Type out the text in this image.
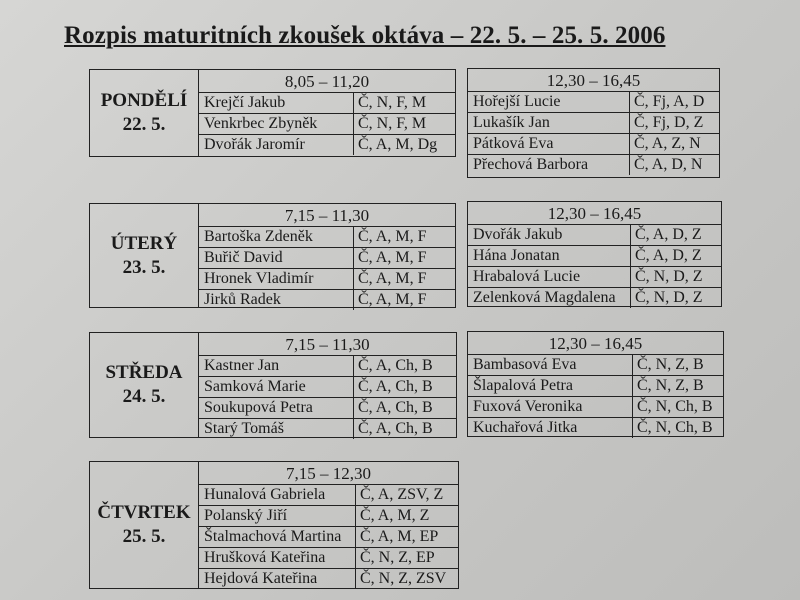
Rozpis maturitních zkoušek oktáva – 22. 5. – 25. 5. 2006
PONDĚLÍ
22. 5.
8,05 – 11,20
Krejčí Jakub	Č, N, F, M
Venkrbec Zbyněk	Č, N, F, M
Dvořák Jaromír	Č, A, M, Dg
12,30 – 16,45
Hořejší Lucie	Č, Fj, A, D
Lukašík Jan	Č, Fj, D, Z
Pátková Eva	Č, A, Z, N
Přechová Barbora	Č, A, D, N
ÚTERÝ
23. 5.
7,15 – 11,30
Bartoška Zdeněk	Č, A, M, F
Buřič David	Č, A, M, F
Hronek Vladimír	Č, A, M, F
Jirků Radek	Č, A, M, F
12,30 – 16,45
Dvořák Jakub	Č, A, D, Z
Hána Jonatan	Č, A, D, Z
Hrabalová Lucie	Č, N, D, Z
Zelenková Magdalena	Č, N, D, Z
STŘEDA
24. 5.
7,15 – 11,30
Kastner Jan	Č, A, Ch, B
Samková Marie	Č, A, Ch, B
Soukupová Petra	Č, A, Ch, B
Starý Tomáš	Č, A, Ch, B
12,30 – 16,45
Bambasová Eva	Č, N, Z, B
Šlapalová Petra	Č, N, Z, B
Fuxová Veronika	Č, N, Ch, B
Kuchařová Jitka	Č, N, Ch, B
ČTVRTEK
25. 5.
7,15 – 12,30
Hunalová Gabriela	Č, A, ZSV, Z
Polanský Jiří	Č, A, M, Z
Štalmachová Martina	Č, A, M, EP
Hrušková Kateřina	Č, N, Z, EP
Hejdová Kateřina	Č, N, Z, ZSV
